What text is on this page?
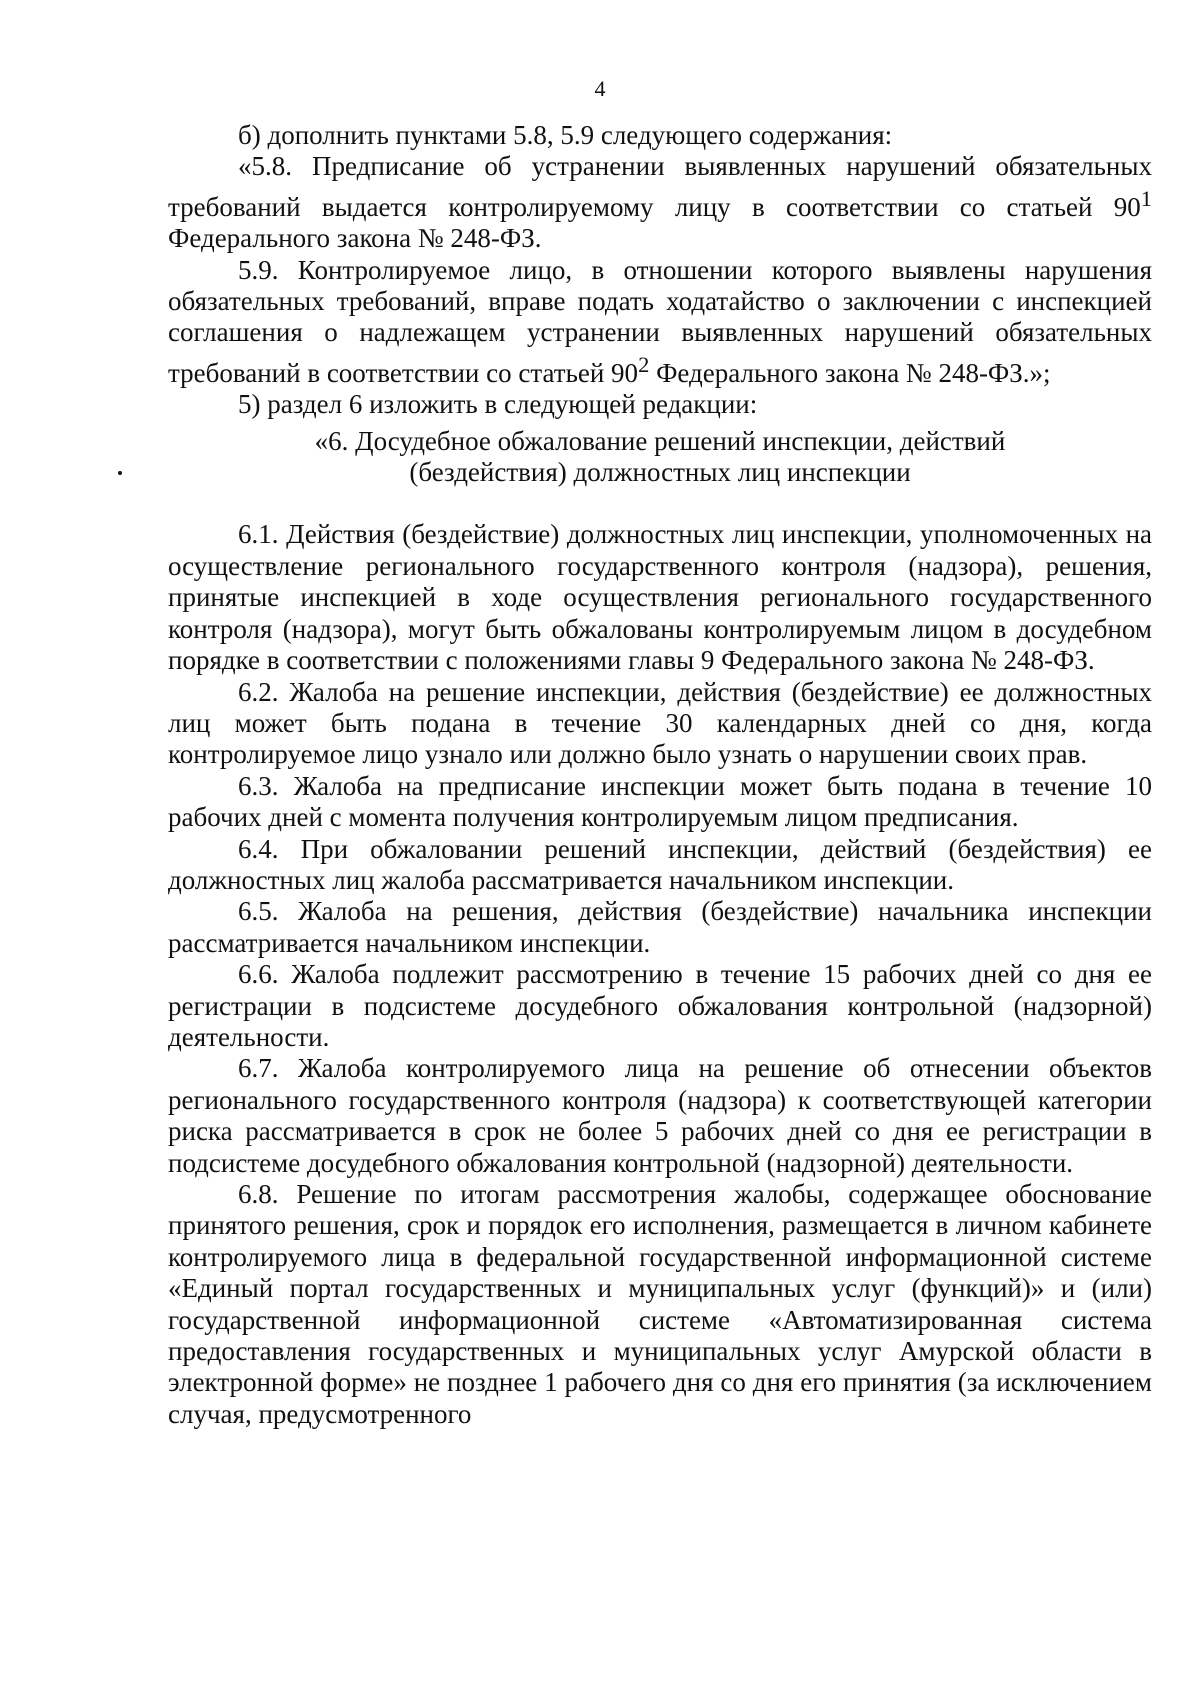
4

б) дополнить пунктами 5.8, 5.9 следующего содержания:

«5.8. Предписание об устранении выявленных нарушений обязательных требований выдается контролируемому лицу в соответствии со статьей $90^1$ Федерального закона № 248-ФЗ.

5.9. Контролируемое лицо, в отношении которого выявлены нарушения обязательных требований, вправе подать ходатайство о заключении с инспекцией соглашения о надлежащем устранении выявленных нарушений обязательных требований в соответствии со статьей $90^2$ Федерального закона № 248-ФЗ.»;

5) раздел 6 изложить в следующей редакции:

«6. Досудебное обжалование решений инспекции, действий
(бездействия) должностных лиц инспекции

6.1. Действия (бездействие) должностных лиц инспекции, уполномоченных на осуществление регионального государственного контроля (надзора), решения, принятые инспекцией в ходе осуществления регионального государственного контроля (надзора), могут быть обжалованы контролируемым лицом в досудебном порядке в соответствии с положениями главы 9 Федерального закона № 248-ФЗ.

6.2. Жалоба на решение инспекции, действия (бездействие) ее должностных лиц может быть подана в течение 30 календарных дней со дня, когда контролируемое лицо узнало или должно было узнать о нарушении своих прав.

6.3. Жалоба на предписание инспекции может быть подана в течение 10 рабочих дней с момента получения контролируемым лицом предписания.

6.4. При обжаловании решений инспекции, действий (бездействия) ее должностных лиц жалоба рассматривается начальником инспекции.

6.5. Жалоба на решения, действия (бездействие) начальника инспекции рассматривается начальником инспекции.

6.6. Жалоба подлежит рассмотрению в течение 15 рабочих дней со дня ее регистрации в подсистеме досудебного обжалования контрольной (надзорной) деятельности.

6.7. Жалоба контролируемого лица на решение об отнесении объектов регионального государственного контроля (надзора) к соответствующей категории риска рассматривается в срок не более 5 рабочих дней со дня ее регистрации в подсистеме досудебного обжалования контрольной (надзорной) деятельности.

6.8. Решение по итогам рассмотрения жалобы, содержащее обоснование принятого решения, срок и порядок его исполнения, размещается в личном кабинете контролируемого лица в федеральной государственной информационной системе «Единый портал государственных и муниципальных услуг (функций)» и (или) государственной информационной системе «Автоматизированная система предоставления государственных и муниципальных услуг Амурской области в электронной форме» не позднее 1 рабочего дня со дня его принятия (за исключением случая, предусмотренного
